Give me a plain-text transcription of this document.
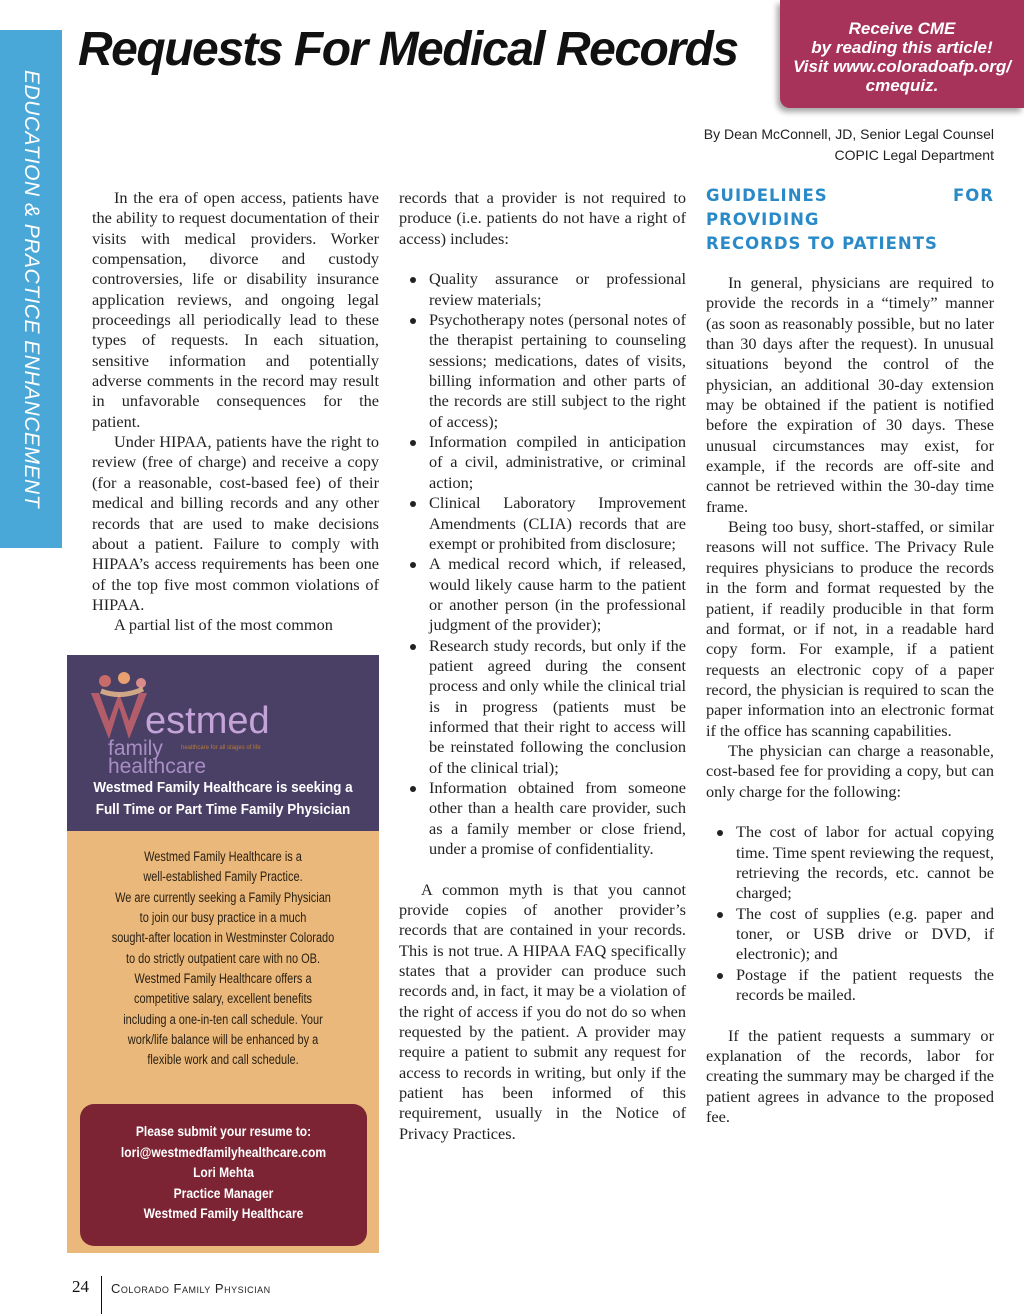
EDUCATION & PRACTICE ENHANCEMENT
Requests For Medical Records	Receive CME
by reading this article!
Visit www.coloradoafp.org/
cmequiz.
By Dean McConnell, JD, Senior Legal Counsel
COPIC Legal Department

In the era of open access, patients have the ability to request documentation of their visits with medical providers. Worker compensation, divorce and custody controversies, life or disability insurance application reviews, and ongoing legal proceedings all periodically lead to these types of requests. In each situation, sensitive information and potentially adverse comments in the record may result in unfavorable consequences for the patient.

Under HIPAA, patients have the right to review (free of charge) and receive a copy (for a reasonable, cost-based fee) of their medical and billing records and any other records that are used to make decisions about a patient. Failure to comply with HIPAA’s access requirements has been one of the top five most common violations of HIPAA.

A partial list of the most common

records that a provider is not required to produce (i.e. patients do not have a right of access) includes:

Quality assurance or professional review materials;
Psychotherapy notes (personal notes of the therapist pertaining to counseling sessions; medications, dates of visits, billing information and other parts of the records are still subject to the right of access);
Information compiled in anticipation of a civil, administrative, or criminal action;
Clinical Laboratory Improvement Amendments (CLIA) records that are exempt or prohibited from disclosure;
A medical record which, if released, would likely cause harm to the patient or another person (in the professional judgment of the provider);
Research study records, but only if the patient agreed during the consent process and only while the clinical trial is in progress (patients must be informed that their right to access will be reinstated following the conclusion of the clinical trial);
Information obtained from someone other than a health care provider, such as a family member or close friend, under a promise of confidentiality.

A common myth is that you cannot provide copies of another provider’s records that are contained in your records. This is not true. A HIPAA FAQ specifically states that a provider can produce such records and, in fact, it may be a violation of the right of access if you do not do so when requested by the patient. A provider may require a patient to submit any request for access to records in writing, but only if the patient has been informed of this requirement, usually in the Notice of Privacy Practices.

GUIDELINES FOR PROVIDING
RECORDS TO PATIENTS

In general, physicians are required to provide the records in a “timely” manner (as soon as reasonably possible, but no later than 30 days after the request). In unusual situations beyond the control of the physician, an additional 30-day extension may be obtained if the patient is notified before the expiration of 30 days. These unusual circumstances may exist, for example, if the records are off-site and cannot be retrieved within the 30-day time frame.

Being too busy, short-staffed, or similar reasons will not suffice. The Privacy Rule requires physicians to produce the records in the form and format requested by the patient, if readily producible in that form and format, or if not, in a readable hard copy form. For example, if a patient requests an electronic copy of a paper record, the physician is required to scan the paper information into an electronic format if the office has scanning capabilities.

The physician can charge a reasonable, cost-based fee for providing a copy, but can only charge for the following:

The cost of labor for actual copying time. Time spent reviewing the request, retrieving the records, etc. cannot be charged;
The cost of supplies (e.g. paper and toner, or USB drive or DVD, if electronic); and
Postage if the patient requests the records be mailed.

If the patient requests a summary or explanation of the records, labor for creating the summary may be charged if the patient agrees in advance to the proposed fee.

estmed
family
healthcare
healthcare for all stages of life
Westmed Family Healthcare is seeking a
Full Time or Part Time Family Physician
Westmed Family Healthcare is a
well-established Family Practice.
We are currently seeking a Family Physician
to join our busy practice in a much
sought-after location in Westminster Colorado
to do strictly outpatient care with no OB.
Westmed Family Healthcare offers a
competitive salary, excellent benefits
including a one-in-ten call schedule. Your
work/life balance will be enhanced by a
flexible work and call schedule.
Please submit your resume to:
lori@westmedfamilyhealthcare.com
Lori Mehta
Practice Manager
Westmed Family Healthcare
24 Colorado Family Physician
